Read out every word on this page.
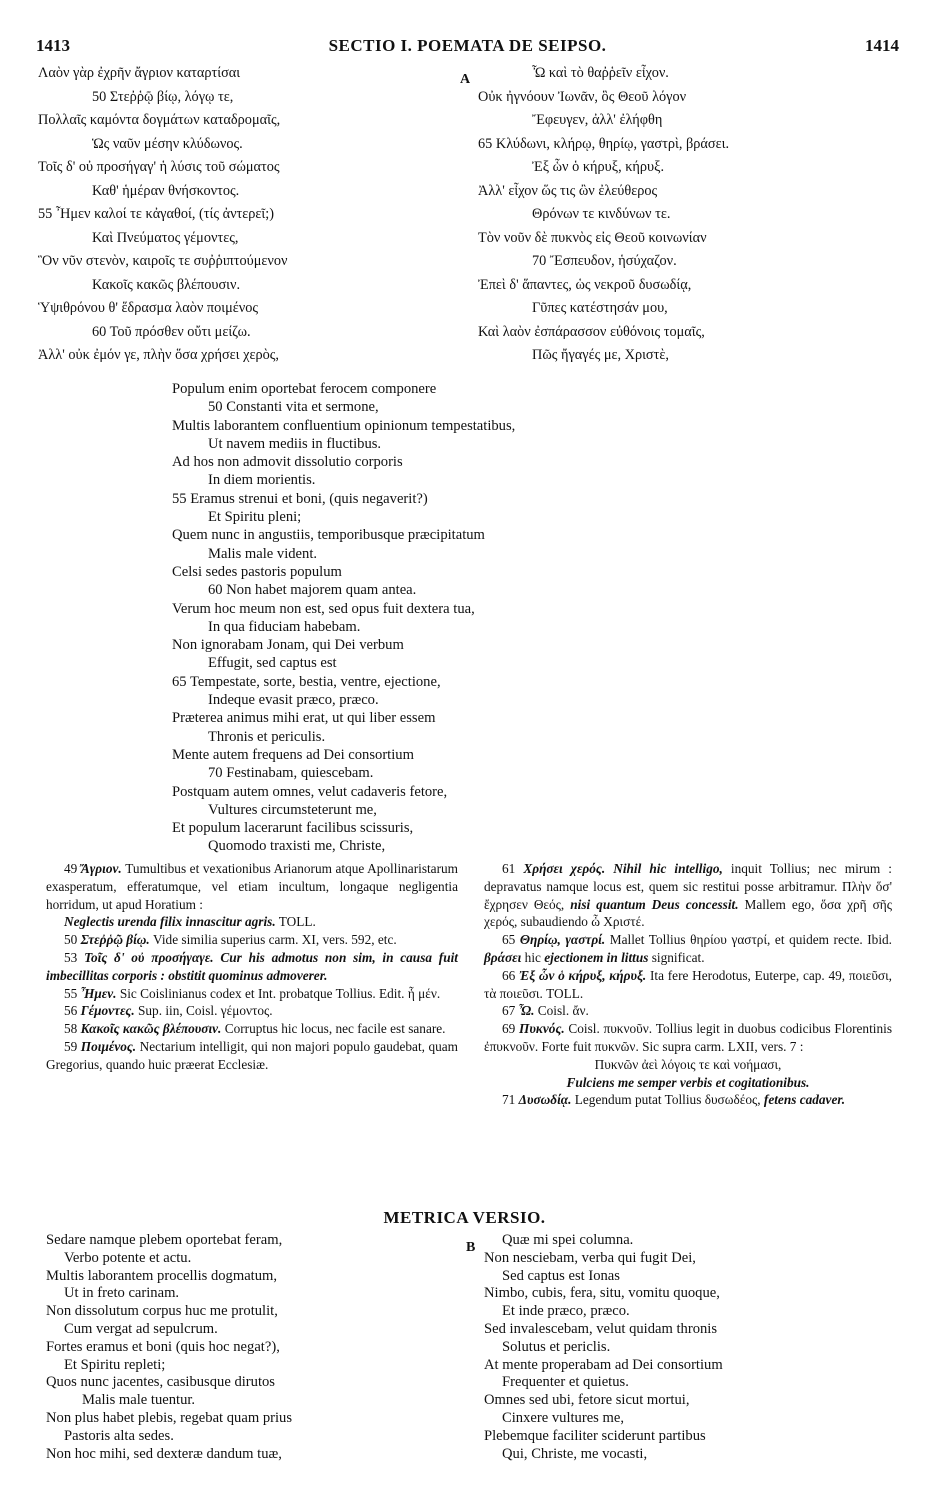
1413	SECTIO I. POEMATA DE SEIPSO.	1414
Λαὸν γὰρ ἐχρῆν ἄγριον καταρτίσαι
50 Στεῤῥῷ βίῳ, λόγῳ τε,
Πολλαῖς καμόντα δογμάτων καταδρομαῖς,
Ὡς ναῦν μέσην κλύδωνος.
Τοῖς δ' οὐ προσήγαγ' ἡ λύσις τοῦ σώματος
Καθ' ἡμέραν θνήσκοντος.
55 Ἦμεν καλοί τε κἀγαθοί, (τίς ἀντερεῖ;)
Καὶ Πνεύματος γέμοντες,
Ὃν νῦν στενὸν, καιροῖς τε συῤῥιπτούμενον
Κακοῖς κακῶς βλέπουσιν.
Ὑψιθρόνου θ' ἕδρασμα λαὸν ποιμένος
60 Τοῦ πρόσθεν οὔτι μείζω.
Ἀλλ' οὐκ ἐμόν γε, πλὴν ὅσα χρήσει χερὸς,
A	Ὦ καὶ τὸ θαῤῥεῖν εἶχον.
Οὐκ ἠγνόουν Ἰωνᾶν, ὃς Θεοῦ λόγον
Ἔφευγεν, ἀλλ' ἐλήφθη
65 Κλύδωνι, κλήρῳ, θηρίῳ, γαστρὶ, βράσει.
Ἐξ ὧν ὁ κήρυξ, κήρυξ.
Ἀλλ' εἶχον ὥς τις ὢν ἐλεύθερος
Θρόνων τε κινδύνων τε.
Τὸν νοῦν δὲ πυκνὸς εἰς Θεοῦ κοινωνίαν
70 Ἔσπευδον, ἡσύχαζον.
Ἐπεὶ δ' ἅπαντες, ὡς νεκροῦ δυσωδίᾳ,
Γῦπες κατέστησάν μου,
Καὶ λαὸν ἐσπάρασσον εὐθόνοις τομαῖς,
Πῶς ἤγαγές με, Χριστὲ,
Populum enim oportebat ferocem componere
50 Constanti vita et sermone,
Multis laborantem confluentium opinionum tempestatibus,
Ut navem mediis in fluctibus.
Ad hos non admovit dissolutio corporis
In diem morientis.
55 Eramus strenui et boni, (quis negaverit?)
Et Spiritu pleni;
Quem nunc in angustiis, temporibusque præcipitatum
Malis male vident.
Celsi sedes pastoris populum
60 Non habet majorem quam antea.
Verum hoc meum non est, sed opus fuit dextera tua,
In qua fiduciam habebam.
Non ignorabam Jonam, qui Dei verbum
Effugit, sed captus est
65 Tempestate, sorte, bestia, ventre, ejectione,
Indeque evasit præco, præco.
Præterea animus mihi erat, ut qui liber essem
Thronis et periculis.
Mente autem frequens ad Dei consortium
70 Festinabam, quiescebam.
Postquam autem omnes, velut cadaveris fetore,
Vultures circumsteterunt me,
Et populum lacerarunt facilibus scissuris,
Quomodo traxisti me, Christe,

49 Ἄγριον. Tumultibus et vexationibus Arianorum atque Apollinaristarum exasperatum, efferatumque, vel etiam incultum, longaque negligentia horridum, ut apud Horatium :

Neglectis urenda filix innascitur agris. TOLL.

50 Στεῤῥῷ βίῳ. Vide similia superius carm. XI, vers. 592, etc.

53 Τοῖς δ' οὐ προσήγαγε. Cur his admotus non sim, in causa fuit imbecillitas corporis : obstitit quominus admoverer.

55 Ἦμεν. Sic Coislinianus codex et Int. probatque Tollius. Edit. ἦ μέν.

56 Γέμοντες. Sup. iin, Coisl. γέμοντος.

58 Κακοῖς κακῶς βλέπουσιν. Corruptus hic locus, nec facile est sanare.

59 Ποιμένος. Nectarium intelligit, qui non majori populo gaudebat, quam Gregorius, quando huic præerat Ecclesiæ.

61 Χρήσει χερός. Nihil hic intelligo, inquit Tollius; nec mirum : depravatus namque locus est, quem sic restitui posse arbitramur. Πλὴν ὅσ' ἔχρησεν Θεός, nisi quantum Deus concessit. Mallem ego, ὅσα χρῆ σῆς χερός, subaudiendo ὦ Χριστέ.

65 Θηρίῳ, γαστρί. Mallet Tollius θηρίου γαστρί, et quidem recte. Ibid. βράσει hic ejectionem in littus significat.

66 Ἐξ ὧν ὁ κήρυξ, κήρυξ. Ita fere Herodotus, Euterpe, cap. 49, ποιεῦσι, τὰ ποιεῦσι. TOLL.

67 Ὦ. Coisl. ἄν.

69 Πυκνός. Coisl. πυκνοῦν. Tollius legit in duobus codicibus Florentinis ἐπυκνοῦν. Forte fuit πυκνῶν. Sic supra carm. LXII, vers. 7 :

Πυκνῶν ἀεὶ λόγοις τε καὶ νοήμασι,

Fulciens me semper verbis et cogitationibus.

71 Δυσωδίᾳ. Legendum putat Tollius δυσωδέος, fetens cadaver.

METRICA VERSIO.
Sedare namque plebem oportebat feram,
Verbo potente et actu.
Multis laborantem procellis dogmatum,
Ut in freto carinam.
Non dissolutum corpus huc me protulit,
Cum vergat ad sepulcrum.
Fortes eramus et boni (quis hoc negat?),
Et Spiritu repleti;
Quos nunc jacentes, casibusque dirutos
Malis male tuentur.
Non plus habet plebis, regebat quam prius
Pastoris alta sedes.
Non hoc mihi, sed dexteræ dandum tuæ,
B	Quæ mi spei columna.
Non nesciebam, verba qui fugit Dei,
Sed captus est Ionas
Nimbo, cubis, fera, situ, vomitu quoque,
Et inde præco, præco.
Sed invalescebam, velut quidam thronis
Solutus et periclis.
At mente properabam ad Dei consortium
Frequenter et quietus.
Omnes sed ubi, fetore sicut mortui,
Cinxere vultures me,
Plebemque faciliter sciderunt partibus
Qui, Christe, me vocasti,
